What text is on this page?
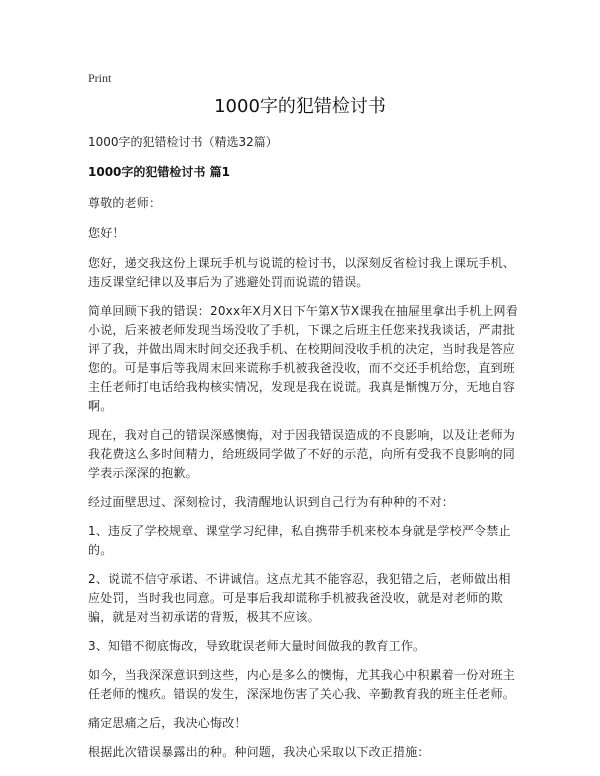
Print
1000字的犯错检讨书

1000字的犯错检讨书（精选32篇）

1000字的犯错检讨书 篇1

尊敬的老师：

您好！

您好，递交我这份上课玩手机与说谎的检讨书，以深刻反省检讨我上课玩手机、违反课堂纪律以及事后为了逃避处罚而说谎的错误。

简单回顾下我的错误：20xx年X月X日下午第X节X课我在抽屉里拿出手机上网看小说，后来被老师发现当场没收了手机，下课之后班主任您来找我谈话，严肃批评了我，并做出周末时间交还我手机、在校期间没收手机的决定，当时我是答应您的。可是事后等我周末回来谎称手机被我爸没收，而不交还手机给您，直到班主任老师打电话给我构核实情况，发现是我在说谎。我真是惭愧万分，无地自容啊。

现在，我对自己的错误深感懊悔，对于因我错误造成的不良影响，以及让老师为我花费这么多时间精力，给班级同学做了不好的示范，向所有受我不良影响的同学表示深深的抱歉。

经过面壁思过、深刻检讨，我清醒地认识到自己行为有种种的不对：

1、违反了学校规章、课堂学习纪律，私自携带手机来校本身就是学校严令禁止的。

2、说谎不信守承诺、不讲诚信。这点尤其不能容忍，我犯错之后，老师做出相应处罚，当时我也同意。可是事后我却谎称手机被我爸没收，就是对老师的欺骗，就是对当初承诺的背叛，极其不应该。

3、知错不彻底悔改，导致耽误老师大量时间做我的教育工作。

如今，当我深深意识到这些，内心是多么的懊悔，尤其我心中积累着一份对班主任老师的愧疚。错误的发生，深深地伤害了关心我、辛勤教育我的班主任老师。

痛定思痛之后，我决心悔改！

根据此次错误暴露出的种。种问题，我决心采取以下改正措施：
